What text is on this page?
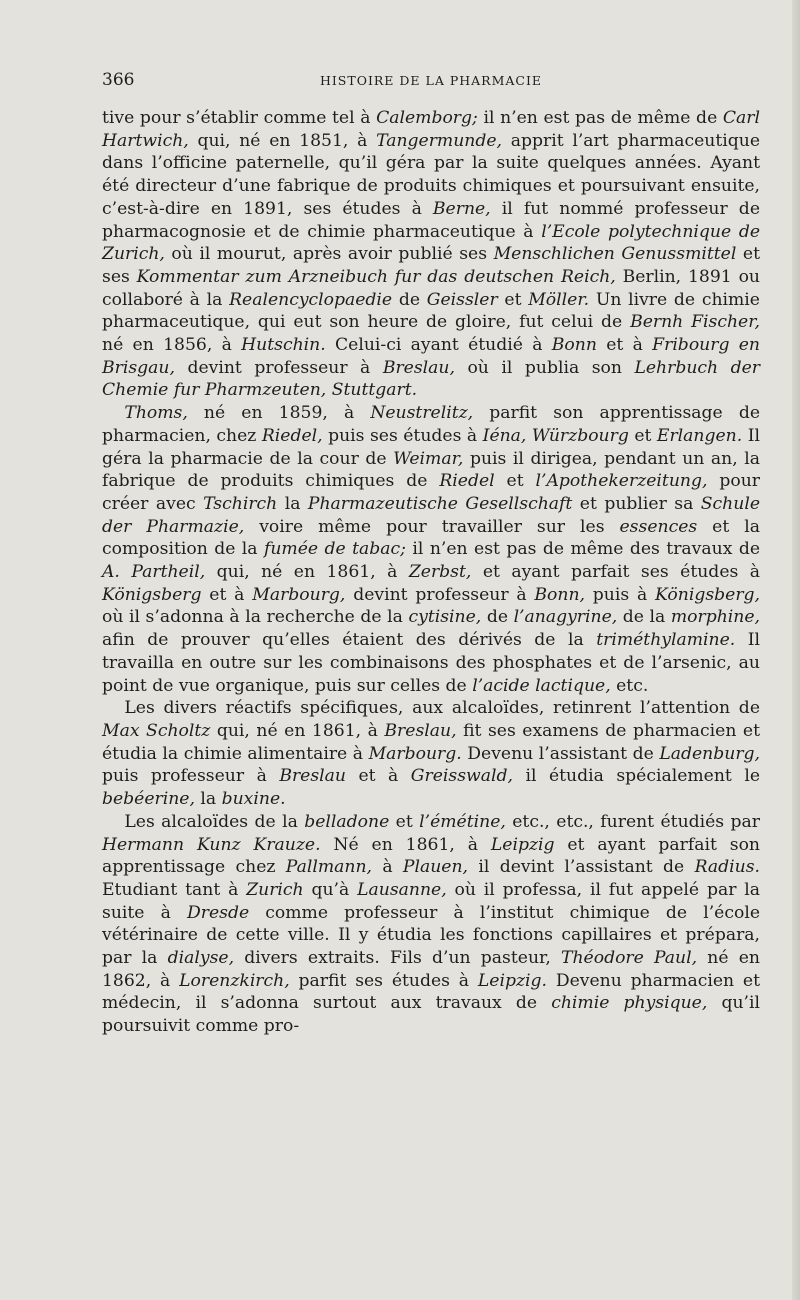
366	HISTOIRE DE LA PHARMACIE

tive pour s’établir comme tel à Calemborg; il n’en est pas de même de Carl Hartwich, qui, né en 1851, à Tangermunde, apprit l’art pharmaceutique dans l’officine paternelle, qu’il géra par la suite quelques années. Ayant été directeur d’une fabrique de produits chimiques et poursuivant ensuite, c’est-à-dire en 1891, ses études à Berne, il fut nommé professeur de pharmacognosie et de chimie pharmaceutique à l’Ecole polytechnique de Zurich, où il mourut, après avoir publié ses Menschlichen Genussmittel et ses Kommentar zum Arzneibuch fur das deutschen Reich, Berlin, 1891 ou collaboré à la Realencyclopaedie de Geissler et Möller. Un livre de chimie pharmaceutique, qui eut son heure de gloire, fut celui de Bernh Fischer, né en 1856, à Hutschin. Celui-ci ayant étudié à Bonn et à Fribourg en Brisgau, devint professeur à Breslau, où il publia son Lehrbuch der Chemie fur Pharmzeuten, Stuttgart.

Thoms, né en 1859, à Neustrelitz, parfit son apprentissage de pharmacien, chez Riedel, puis ses études à Iéna, Würzbourg et Erlangen. Il géra la pharmacie de la cour de Weimar, puis il dirigea, pendant un an, la fabrique de produits chimiques de Riedel et l’Apothekerzeitung, pour créer avec Tschirch la Pharmazeutische Gesellschaft et publier sa Schule der Pharmazie, voire même pour travailler sur les essences et la composition de la fumée de tabac; il n’en est pas de même des travaux de A. Partheil, qui, né en 1861, à Zerbst, et ayant parfait ses études à Königsberg et à Marbourg, devint professeur à Bonn, puis à Königsberg, où il s’adonna à la recherche de la cytisine, de l’anagyrine, de la morphine, afin de prouver qu’elles étaient des dérivés de la triméthylamine. Il travailla en outre sur les combinaisons des phosphates et de l’arsenic, au point de vue organique, puis sur celles de l’acide lactique, etc.

Les divers réactifs spécifiques, aux alcaloïdes, retinrent l’attention de Max Scholtz qui, né en 1861, à Breslau, fit ses examens de pharmacien et étudia la chimie alimentaire à Marbourg. Devenu l’assistant de Ladenburg, puis professeur à Breslau et à Greisswald, il étudia spécialement le bebéerine, la buxine.

Les alcaloïdes de la belladone et l’émétine, etc., etc., furent étudiés par Hermann Kunz Krauze. Né en 1861, à Leipzig et ayant parfait son apprentissage chez Pallmann, à Plauen, il devint l’assistant de Radius. Etudiant tant à Zurich qu’à Lausanne, où il professa, il fut appelé par la suite à Dresde comme professeur à l’institut chimique de l’école vétérinaire de cette ville. Il y étudia les fonctions capillaires et prépara, par la dialyse, divers extraits. Fils d’un pasteur, Théodore Paul, né en 1862, à Lorenzkirch, parfit ses études à Leipzig. Devenu pharmacien et médecin, il s’adonna surtout aux travaux de chimie physique, qu’il poursuivit comme pro-
